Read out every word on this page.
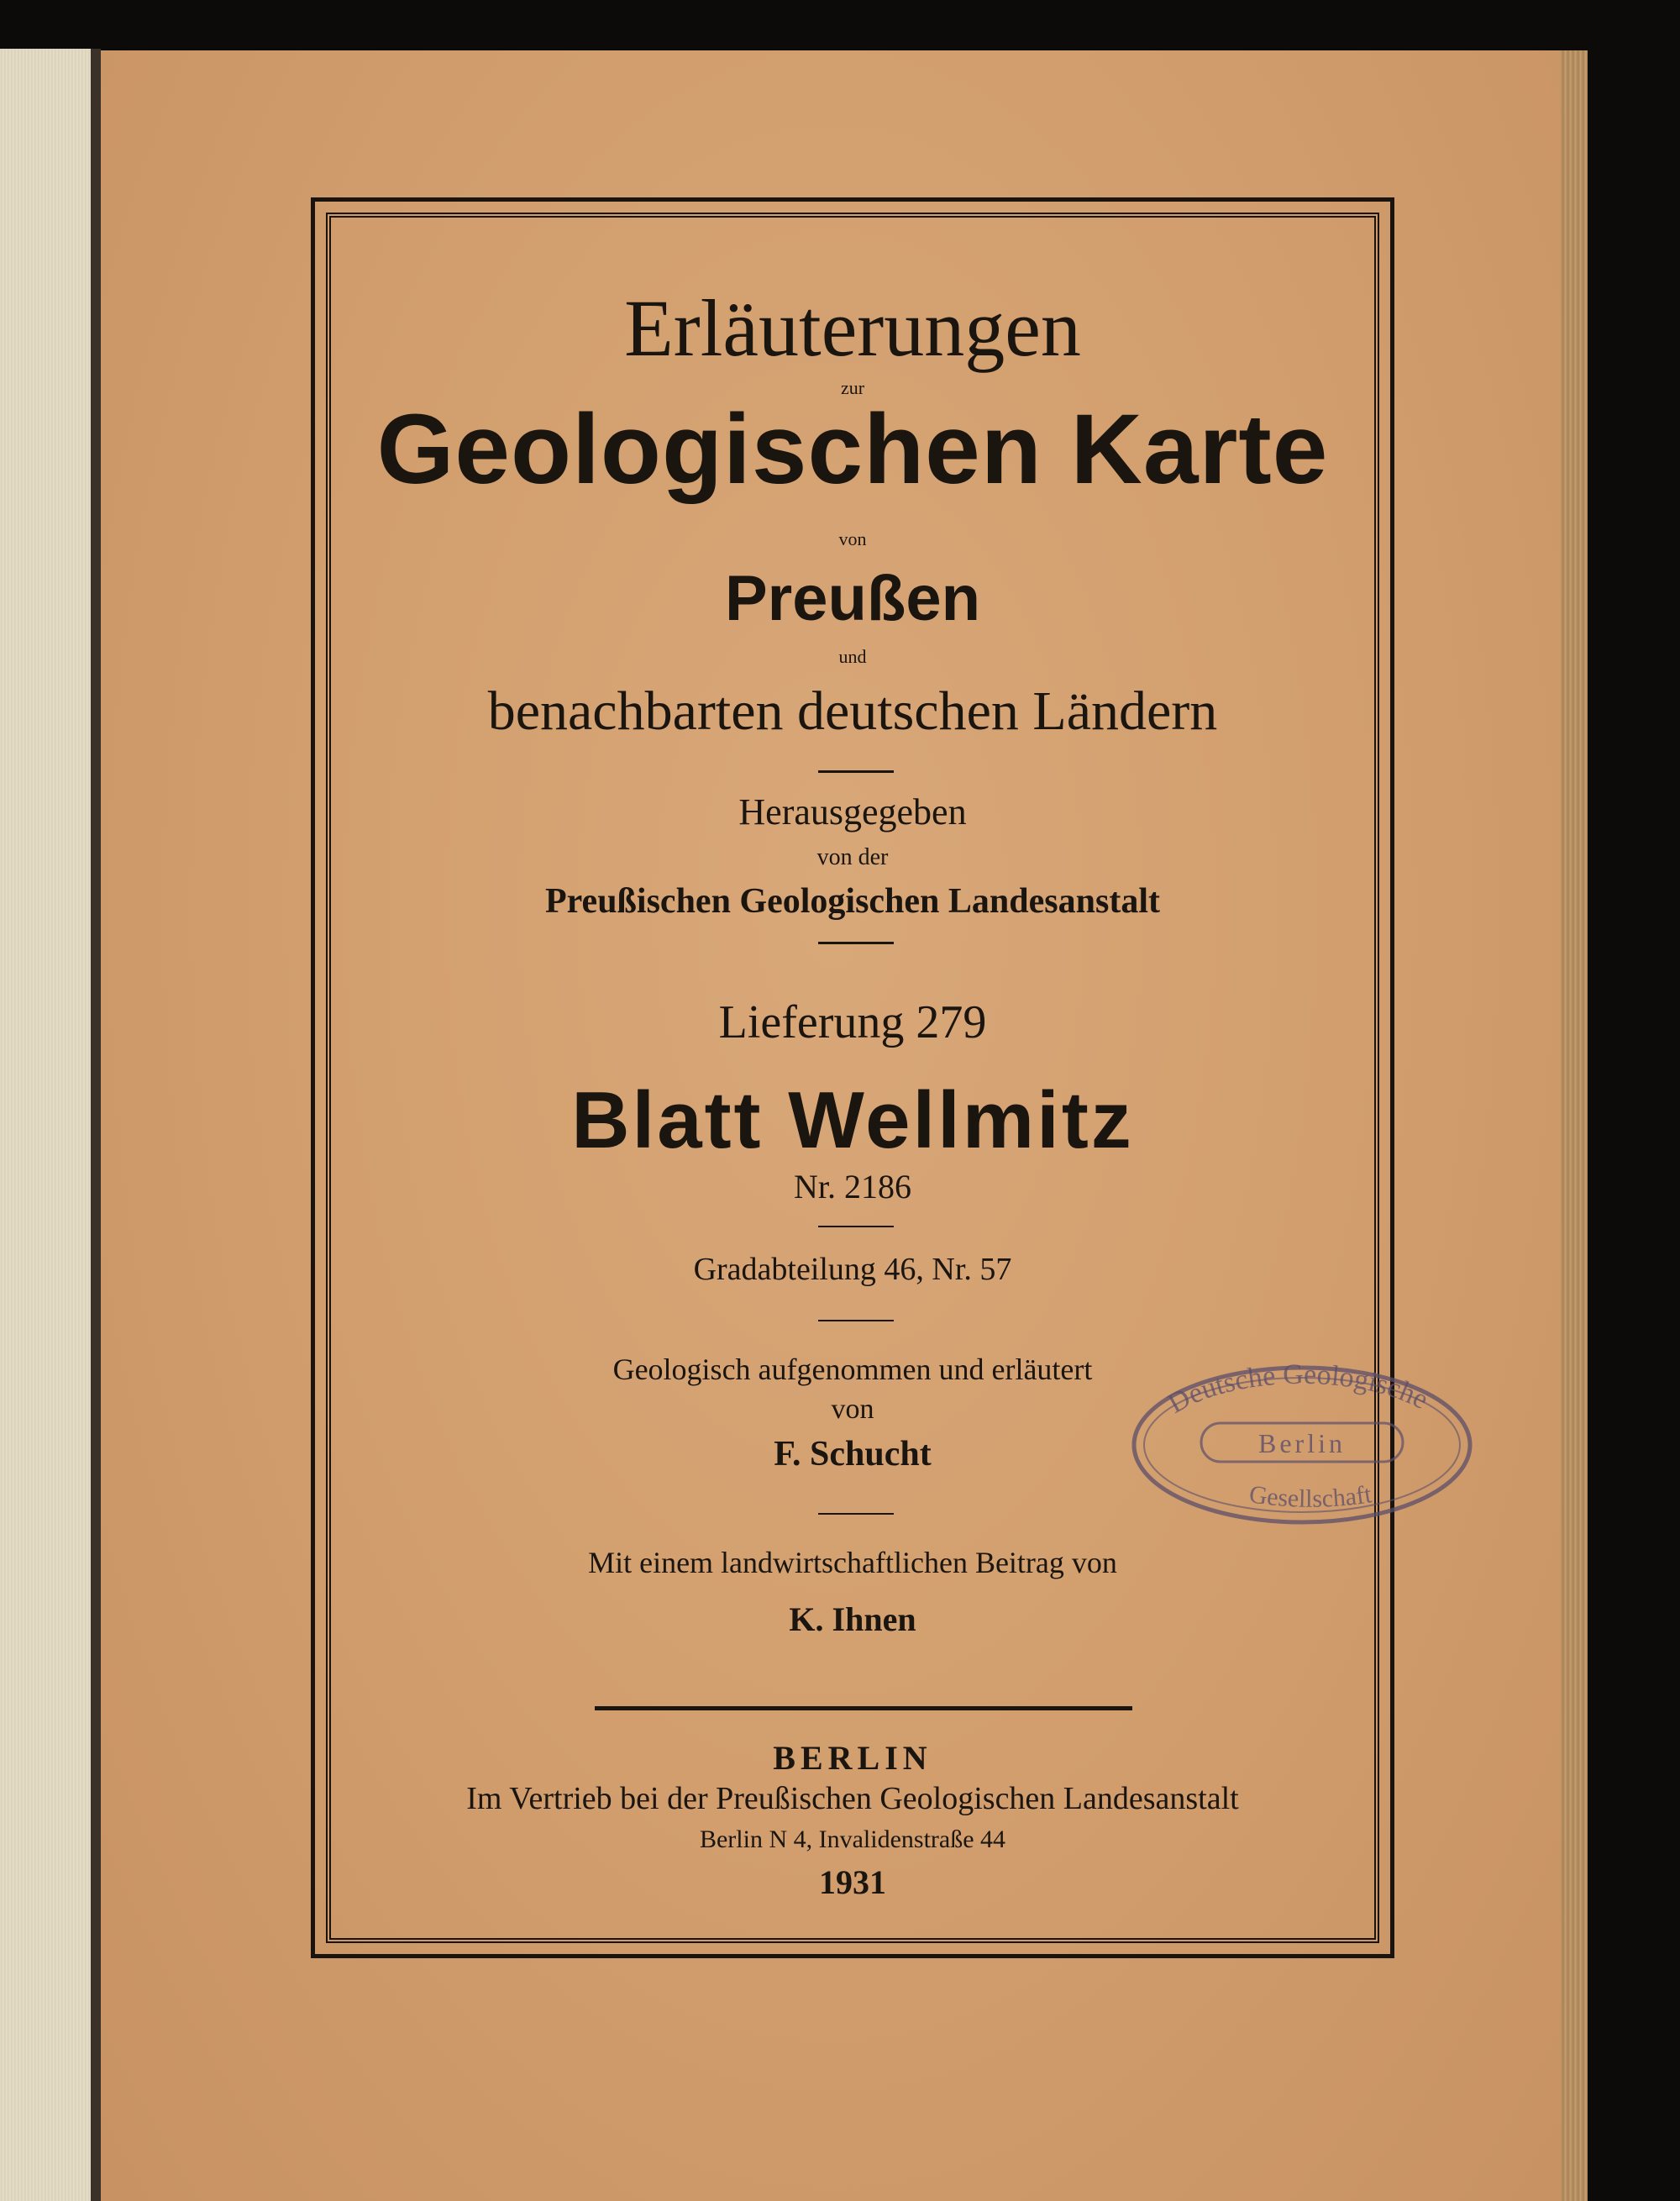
Erläuterungen
zur
Geologischen Karte
von
Preußen
und
benachbarten deutschen Ländern
Herausgegeben
von der
Preußischen Geologischen Landesanstalt
Lieferung 279
Blatt Wellmitz
Nr. 2186
Gradabteilung 46, Nr. 57
Geologisch aufgenommen und erläutert
von
F. Schucht
Mit einem landwirtschaftlichen Beitrag von
K. Ihnen
BERLIN
Im Vertrieb bei der Preußischen Geologischen Landesanstalt
Berlin N 4, Invalidenstraße 44
1931
Deutsche Geologische
Berlin
Gesellschaft
